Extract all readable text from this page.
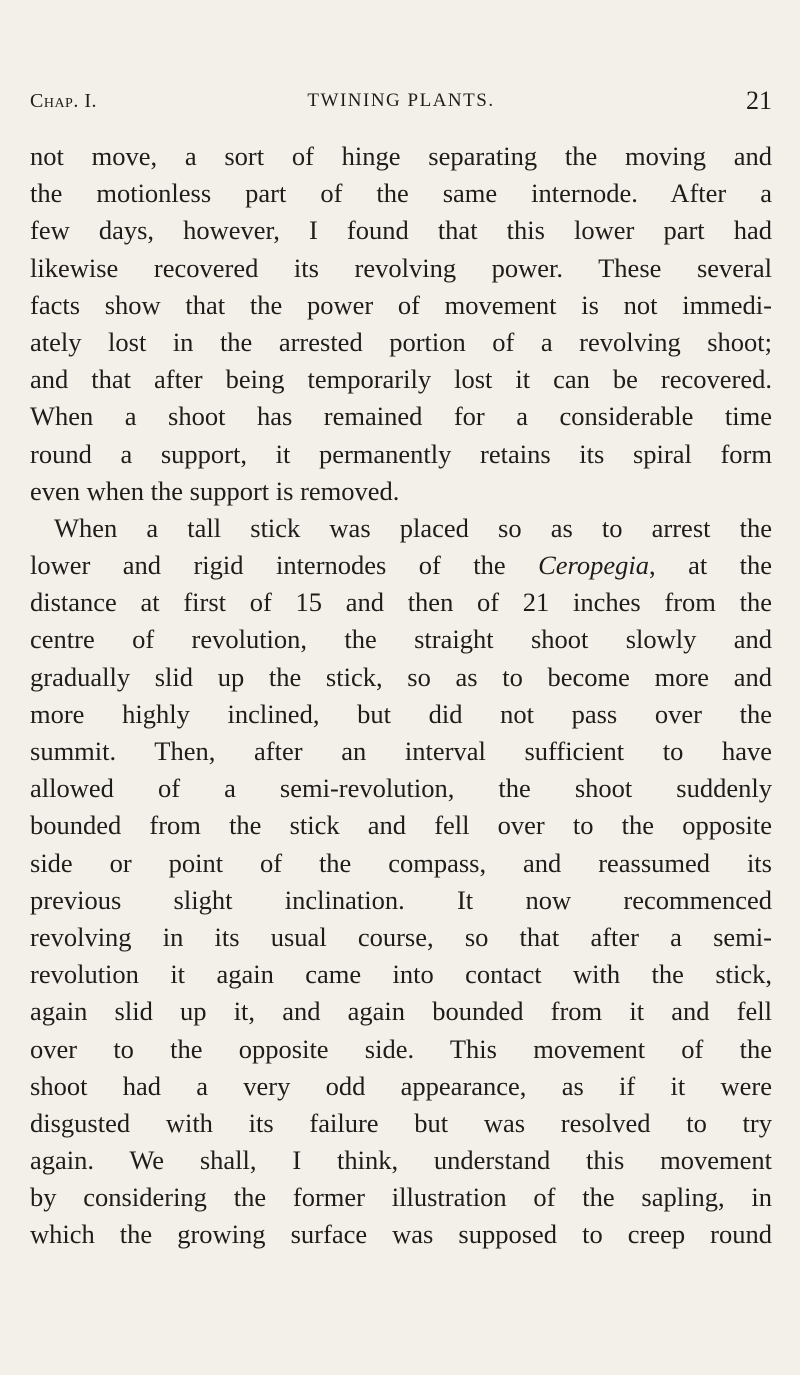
Chap. I.	TWINING PLANTS.	21
not move, a sort of hinge separating the moving and
the motionless part of the same internode. After a
few days, however, I found that this lower part had
likewise recovered its revolving power. These several
facts show that the power of movement is not immedi-
ately lost in the arrested portion of a revolving shoot;
and that after being temporarily lost it can be recovered.
When a shoot has remained for a considerable time
round a support, it permanently retains its spiral form
even when the support is removed.
When a tall stick was placed so as to arrest the
lower and rigid internodes of the Ceropegia, at the
distance at first of 15 and then of 21 inches from the
centre of revolution, the straight shoot slowly and
gradually slid up the stick, so as to become more and
more highly inclined, but did not pass over the
summit. Then, after an interval sufficient to have
allowed of a semi-revolution, the shoot suddenly
bounded from the stick and fell over to the opposite
side or point of the compass, and reassumed its
previous slight inclination. It now recommenced
revolving in its usual course, so that after a semi-
revolution it again came into contact with the stick,
again slid up it, and again bounded from it and fell
over to the opposite side. This movement of the
shoot had a very odd appearance, as if it were
disgusted with its failure but was resolved to try
again. We shall, I think, understand this movement
by considering the former illustration of the sapling, in
which the growing surface was supposed to creep round
